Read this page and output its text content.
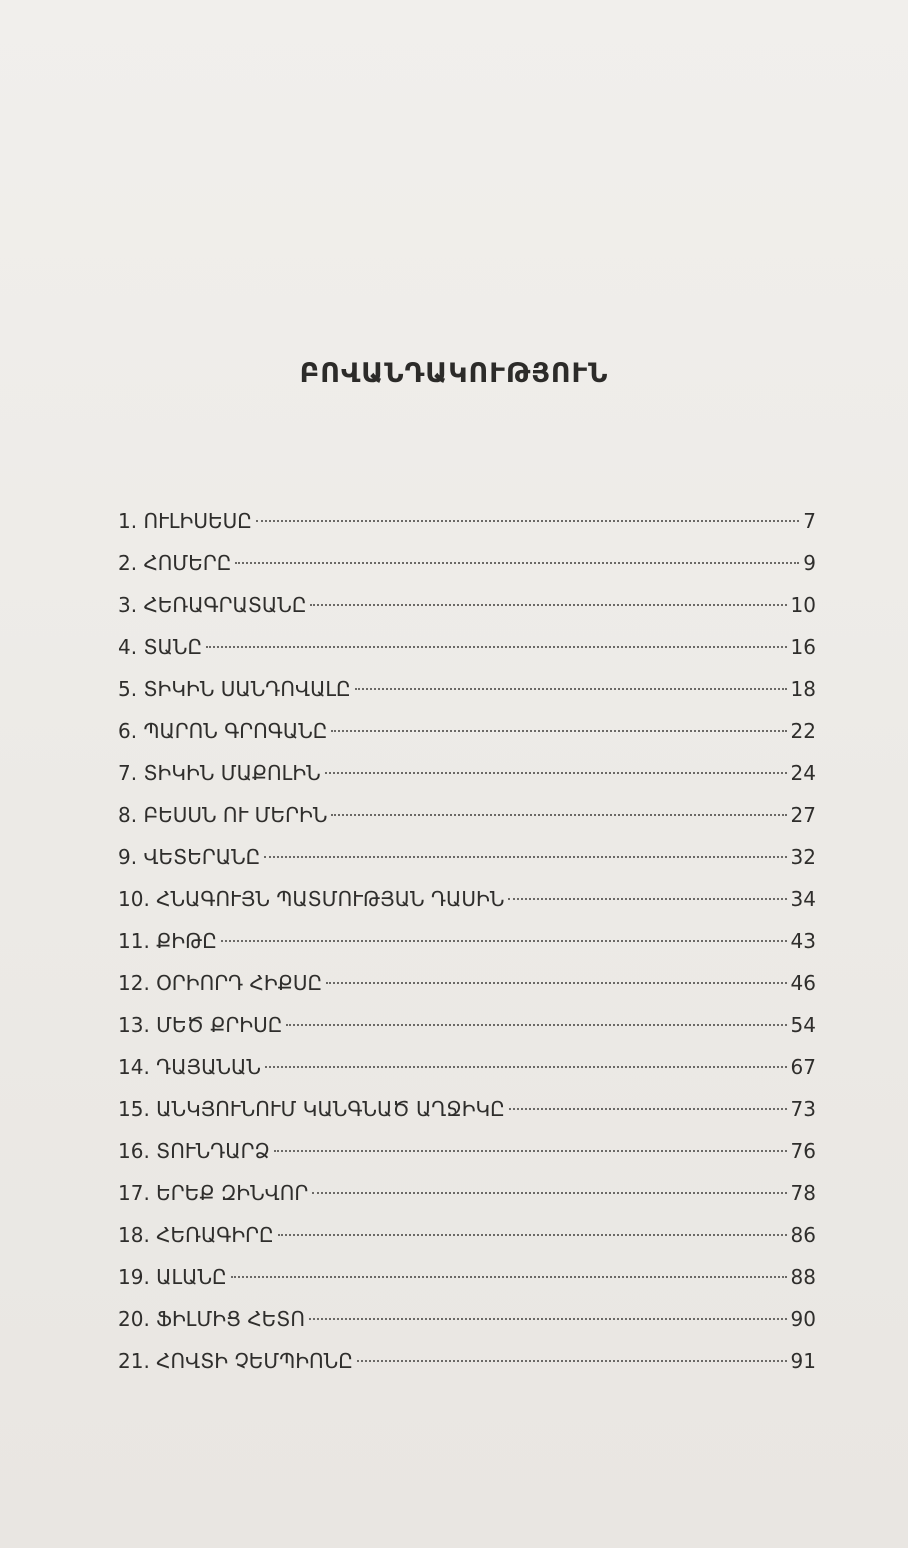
ԲՈՎԱՆԴԱԿՈՒԹՅՈՒՆ
1. ՈՒԼԻՍԵՍԸ	7
2. ՀՈՄԵՐԸ	9
3. ՀԵՌԱԳՐԱՏԱՆԸ	10
4. ՏԱՆԸ	16
5. ՏԻԿԻՆ ՍԱՆԴՈՎԱԼԸ	18
6. ՊԱՐՈՆ ԳՐՈԳԱՆԸ	22
7. ՏԻԿԻՆ ՄԱՔՈԼԻՆ	24
8. ԲԵՍՍՆ ՈՒ ՄԵՐԻՆ	27
9. ՎԵՏԵՐԱՆԸ	32
10. ՀՆԱԳՈՒՅՆ ՊԱՏՄՈՒԹՅԱՆ ԴԱՍԻՆ	34
11. ՔԻԹԸ	43
12. ՕՐԻՈՐԴ ՀԻՔՍԸ	46
13. ՄԵԾ ՔՐԻՍԸ	54
14. ԴԱՅԱՆԱՆ	67
15. ԱՆԿՅՈՒՆՈՒՄ ԿԱՆԳՆԱԾ ԱՂՋԻԿԸ	73
16. ՏՈՒՆԴԱՐՁ	76
17. ԵՐԵՔ ԶԻՆՎՈՐ	78
18. ՀԵՌԱԳԻՐԸ	86
19. ԱԼԱՆԸ	88
20. ՖԻԼՄԻՑ ՀԵՏՈ	90
21. ՀՈՎՏԻ ՉԵՄՊԻՈՆԸ	91
